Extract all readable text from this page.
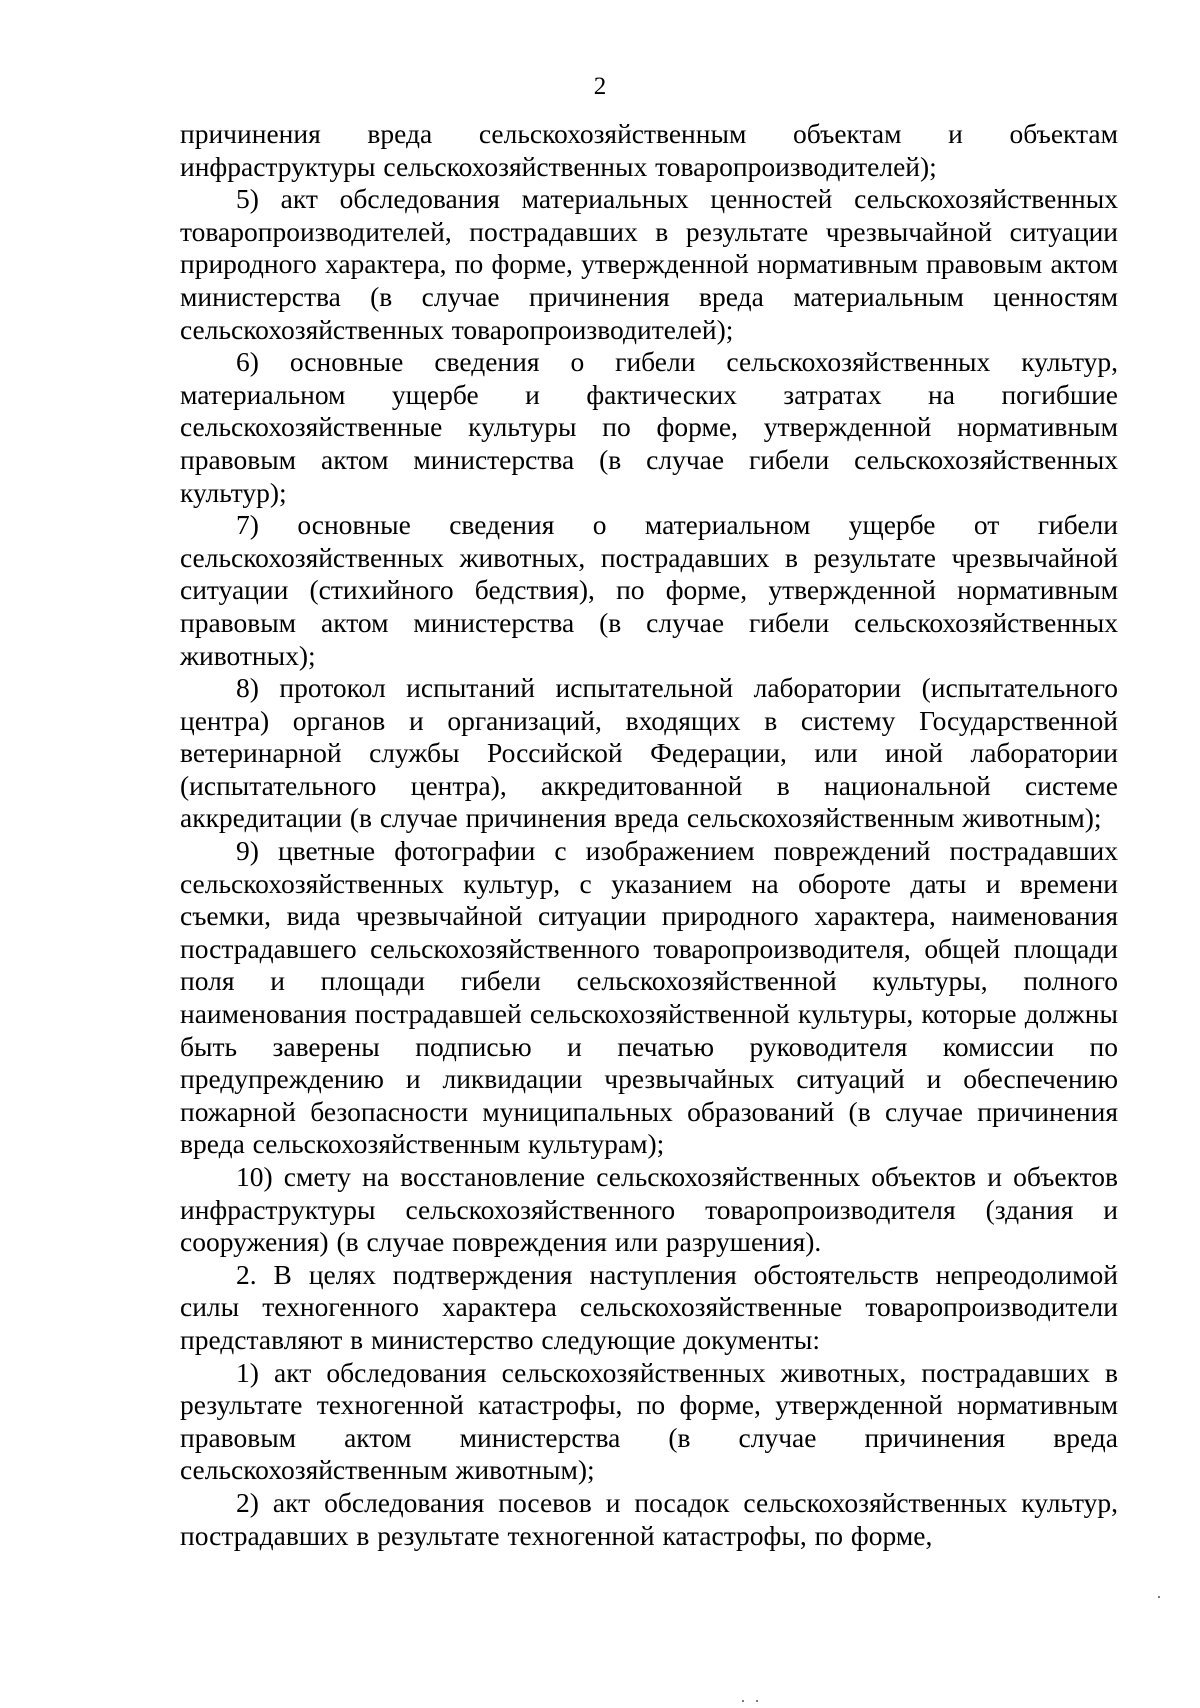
2

причинения вреда сельскохозяйственным объектам и объектам инфраструктуры сельскохозяйственных товаропроизводителей);

5) акт обследования материальных ценностей сельскохозяйственных товаропроизводителей, пострадавших в результате чрезвычайной ситуации природного характера, по форме, утвержденной нормативным правовым актом министерства (в случае причинения вреда материальным ценностям сельскохозяйственных товаропроизводителей);

6) основные сведения о гибели сельскохозяйственных культур, материальном ущербе и фактических затратах на погибшие сельскохозяйственные культуры по форме, утвержденной нормативным правовым актом министерства (в случае гибели сельскохозяйственных культур);

7) основные сведения о материальном ущербе от гибели сельскохозяйственных животных, пострадавших в результате чрезвычайной ситуации (стихийного бедствия), по форме, утвержденной нормативным правовым актом министерства (в случае гибели сельскохозяйственных животных);

8) протокол испытаний испытательной лаборатории (испытательного центра) органов и организаций, входящих в систему Государственной ветеринарной службы Российской Федерации, или иной лаборатории (испытательного центра), аккредитованной в национальной системе аккредитации (в случае причинения вреда сельскохозяйственным животным);

9) цветные фотографии с изображением повреждений пострадавших сельскохозяйственных культур, с указанием на обороте даты и времени съемки, вида чрезвычайной ситуации природного характера, наименования пострадавшего сельскохозяйственного товаропроизводителя, общей площади поля и площади гибели сельскохозяйственной культуры, полного наименования пострадавшей сельскохозяйственной культуры, которые должны быть заверены подписью и печатью руководителя комиссии по предупреждению и ликвидации чрезвычайных ситуаций и обеспечению пожарной безопасности муниципальных образований (в случае причинения вреда сельскохозяйственным культурам);

10) смету на восстановление сельскохозяйственных объектов и объектов инфраструктуры сельскохозяйственного товаропроизводителя (здания и сооружения) (в случае повреждения или разрушения).

2. В целях подтверждения наступления обстоятельств непреодолимой силы техногенного характера сельскохозяйственные товаропроизводители представляют в министерство следующие документы:

1) акт обследования сельскохозяйственных животных, пострадавших в результате техногенной катастрофы, по форме, утвержденной нормативным правовым актом министерства (в случае причинения вреда сельскохозяйственным животным);

2) акт обследования посевов и посадок сельскохозяйственных культур, пострадавших в результате техногенной катастрофы, по форме,
